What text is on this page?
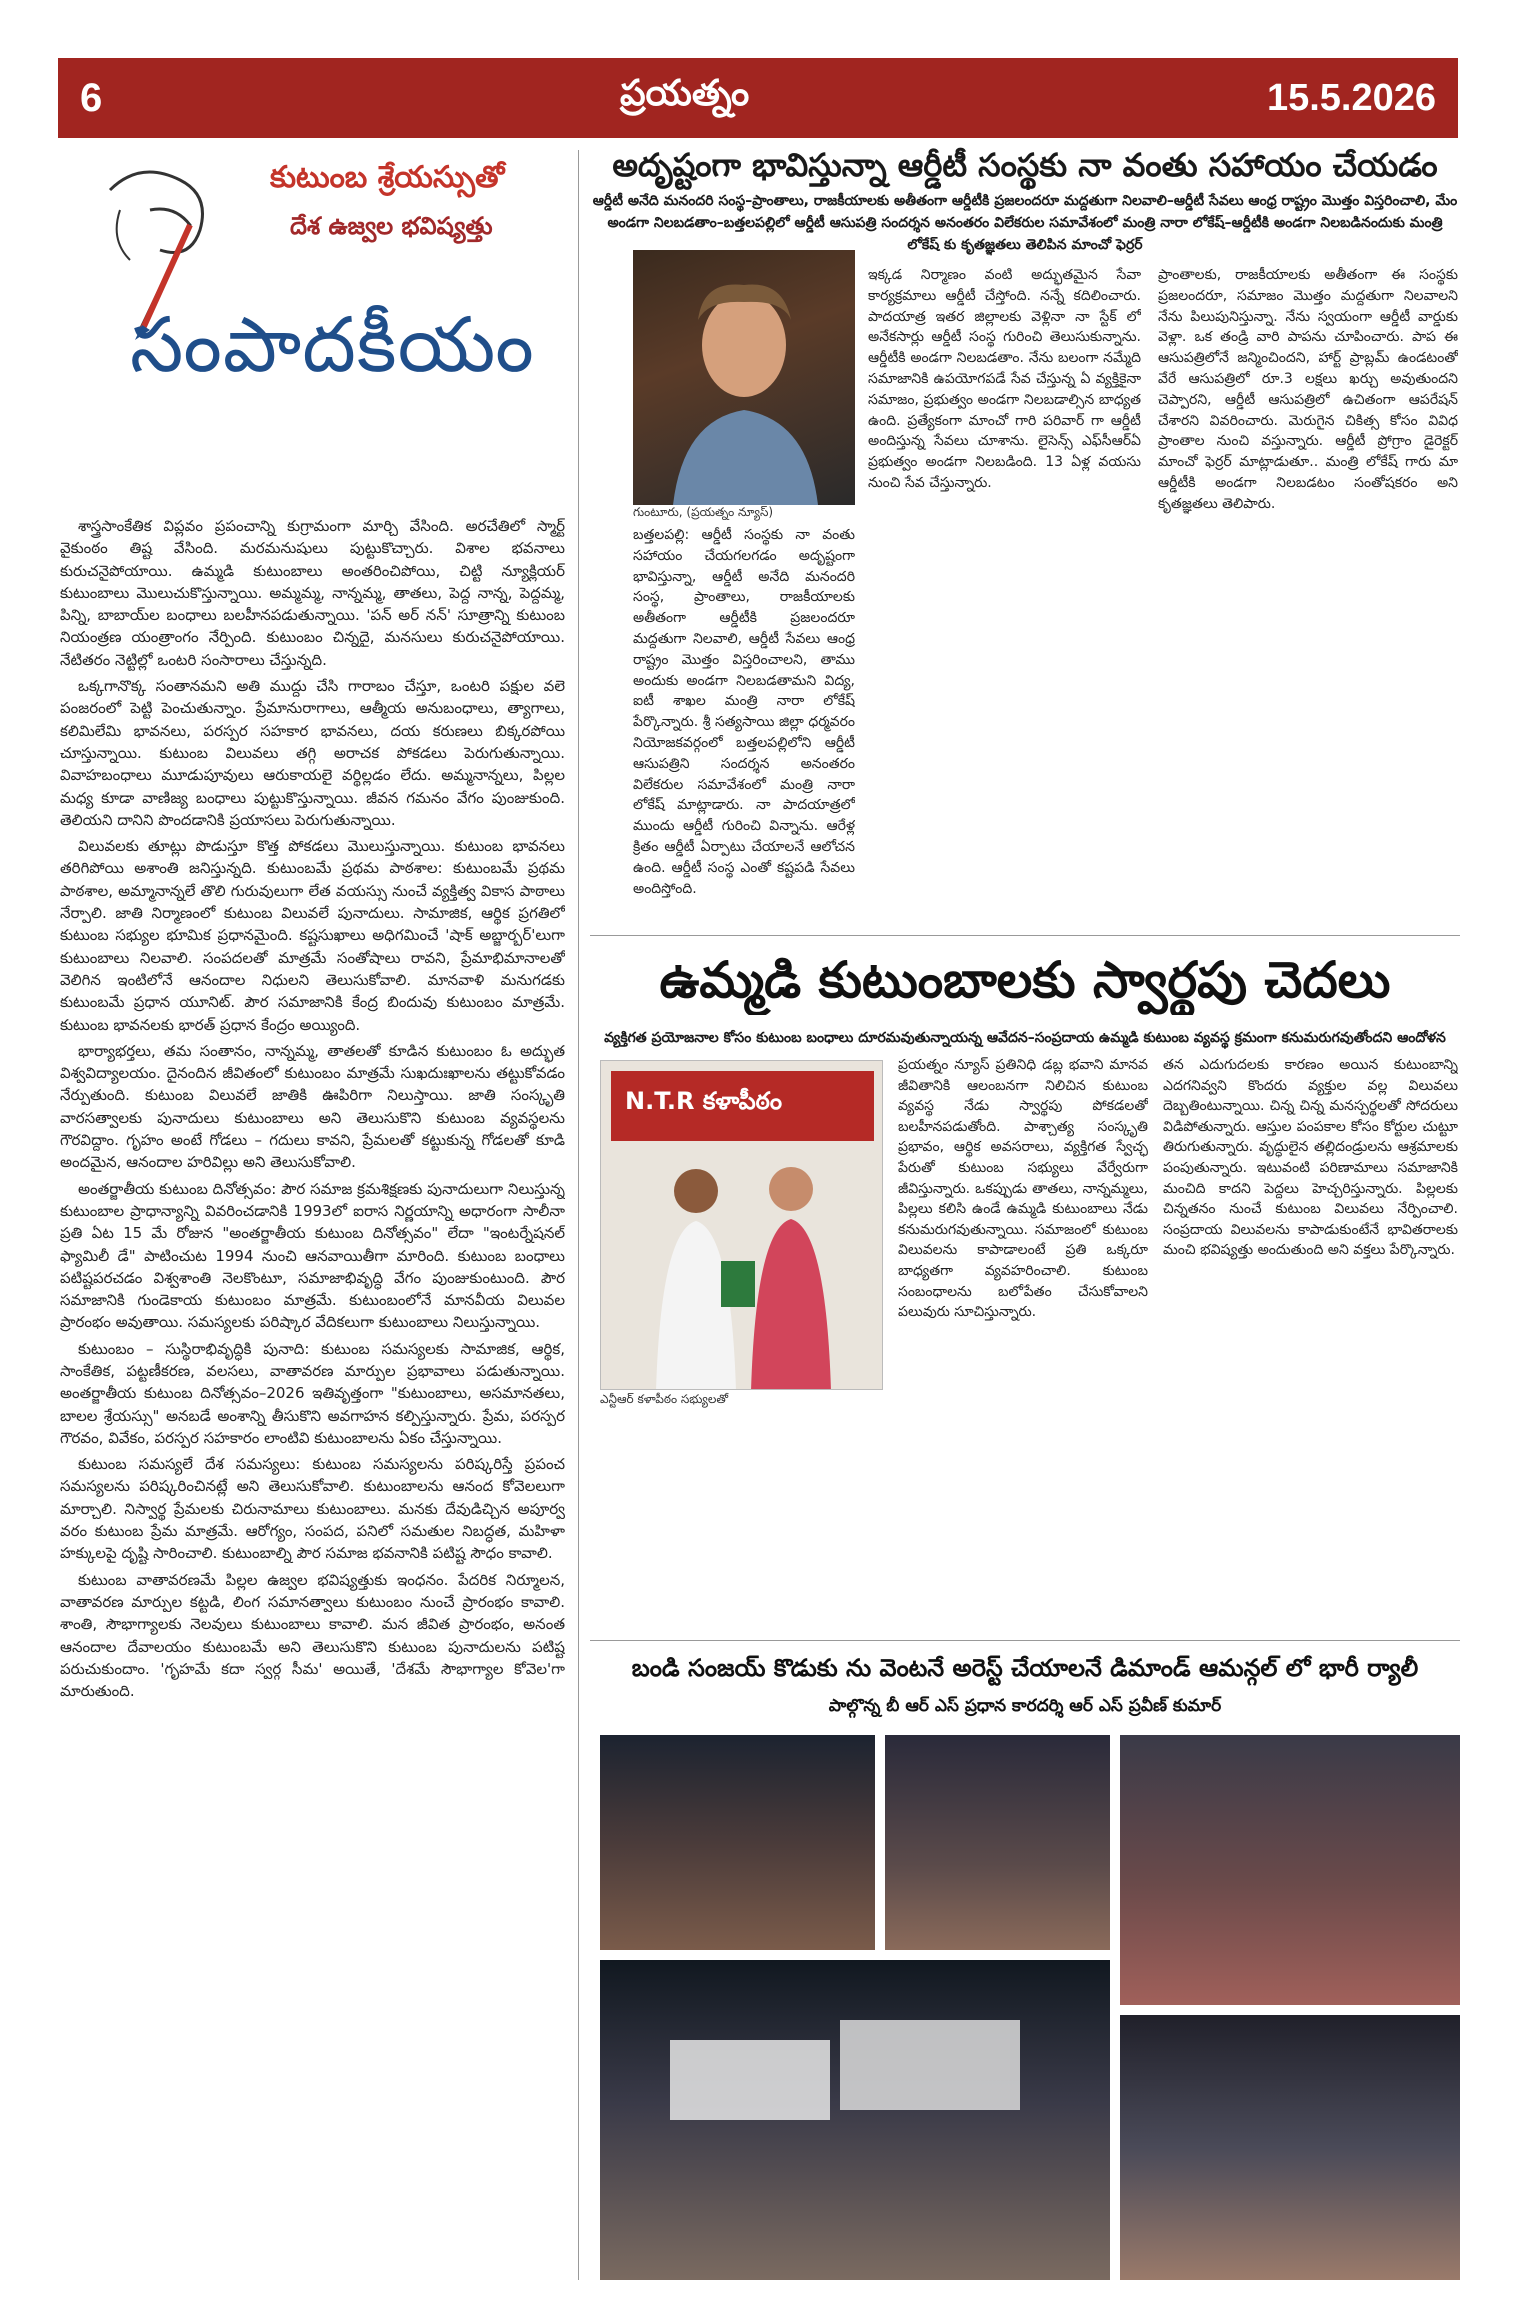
6	ప్రయత్నం	15.5.2026
కుటుంబ శ్రేయస్సుతో
దేశ ఉజ్వల భవిష్యత్తు
సంపాదకీయం

శాస్త్రసాంకేతిక విప్లవం ప్రపంచాన్ని కుగ్రామంగా మార్చి వేసింది. అరచేతిలో స్మార్ట్ వైకుంఠం తిష్ట వేసింది. మరమనుషులు పుట్టుకొచ్చారు. విశాల భవనాలు కురుచనైపోయాయి. ఉమ్మడి కుటుంబాలు అంతరించిపోయి, చిట్టి న్యూక్లియర్ కుటుంబాలు మొలుచుకొస్తున్నాయి. అమ్మమ్మ, నాన్నమ్మ, తాతలు, పెద్ద నాన్న, పెద్దమ్మ, పిన్ని, బాబాయ్‌ల బంధాలు బలహీనపడుతున్నాయి. 'పన్ అర్ నన్' సూత్రాన్ని కుటుంబ నియంత్రణ యంత్రాంగం నేర్పింది. కుటుంబం చిన్నదై, మనసులు కురుచనైపోయాయి. నేటితరం నెట్టిల్లో ఒంటరి సంసారాలు చేస్తున్నది.

ఒక్కగానొక్క సంతానమని అతి ముద్దు చేసి గారాబం చేస్తూ, ఒంటరి పక్షుల వలె పంజరంలో పెట్టి పెంచుతున్నాం. ప్రేమానురాగాలు, ఆత్మీయ అనుబంధాలు, త్యాగాలు, కలిమిలేమి భావనలు, పరస్పర సహకార భావనలు, దయ కరుణలు బిక్కరపోయి చూస్తున్నాయి. కుటుంబ విలువలు తగ్గి అరాచక పోకడలు పెరుగుతున్నాయి. వివాహబంధాలు మూడుపూవులు ఆరుకాయలై వర్థిల్లడం లేదు. అమ్మనాన్నలు, పిల్లల మధ్య కూడా వాణిజ్య బంధాలు పుట్టుకొస్తున్నాయి. జీవన గమనం వేగం పుంజుకుంది. తెలియని దానిని పొందడానికి ప్రయాసలు పెరుగుతున్నాయి.

విలువలకు తూట్లు పొడుస్తూ కొత్త పోకడలు మొలుస్తున్నాయి. కుటుంబ భావనలు తరిగిపోయి అశాంతి జనిస్తున్నది. కుటుంబమే ప్రథమ పాఠశాల: కుటుంబమే ప్రథమ పాఠశాల, అమ్మానాన్నలే తొలి గురువులుగా లేత వయస్సు నుంచే వ్యక్తిత్వ వికాస పాఠాలు నేర్పాలి. జాతి నిర్మాణంలో కుటుంబ విలువలే పునాదులు. సామాజిక, ఆర్థిక ప్రగతిలో కుటుంబ సభ్యుల భూమిక ప్రధానమైంది. కష్టసుఖాలు అధిగమించే 'షాక్ అబ్జార్బర్'లుగా కుటుంబాలు నిలవాలి. సంపదలతో మాత్రమే సంతోషాలు రావని, ప్రేమాభిమానాలతో వెలిగిన ఇంటిలోనే ఆనందాల నిధులని తెలుసుకోవాలి. మానవాళి మనుగడకు కుటుంబమే ప్రధాన యూనిట్. పౌర సమాజానికి కేంద్ర బిందువు కుటుంబం మాత్రమే. కుటుంబ భావనలకు భారత్ ప్రధాన కేంద్రం అయ్యింది.

భార్యాభర్తలు, తమ సంతానం, నాన్నమ్మ, తాతలతో కూడిన కుటుంబం ఓ అద్భుత విశ్వవిద్యాలయం. దైనందిన జీవితంలో కుటుంబం మాత్రమే సుఖదుఃఖాలను తట్టుకోవడం నేర్పుతుంది. కుటుంబ విలువలే జాతికి ఊపిరిగా నిలుస్తాయి. జాతి సంస్కృతి వారసత్వాలకు పునాదులు కుటుంబాలు అని తెలుసుకొని కుటుంబ వ్యవస్థలను గౌరవిద్దాం. గృహం అంటే గోడలు – గదులు కావని, ప్రేమలతో కట్టుకున్న గోడలతో కూడి అందమైన, ఆనందాల హరివిల్లు అని తెలుసుకోవాలి.

అంతర్జాతీయ కుటుంబ దినోత్సవం: పౌర సమాజ క్రమశిక్షణకు పునాదులుగా నిలుస్తున్న కుటుంబాల ప్రాధాన్యాన్ని వివరించడానికి 1993లో ఐరాస నిర్ణయాన్ని అధారంగా సాలీనా ప్రతి ఏట 15 మే రోజున "అంతర్జాతీయ కుటుంబ దినోత్సవం" లేదా "ఇంటర్నేషనల్ ఫ్యామిలీ డే" పాటించుట 1994 నుంచి ఆనవాయితీగా మారింది. కుటుంబ బంధాలు పటిష్టపరచడం విశ్వశాంతి నెలకొంటూ, సమాజాభివృద్ధి వేగం పుంజుకుంటుంది. పౌర సమాజానికి గుండెకాయ కుటుంబం మాత్రమే. కుటుంబంలోనే మానవీయ విలువల ప్రారంభం అవుతాయి. సమస్యలకు పరిష్కార వేదికలుగా కుటుంబాలు నిలుస్తున్నాయి.

కుటుంబం – సుస్థిరాభివృద్ధికి పునాది: కుటుంబ సమస్యలకు సామాజిక, ఆర్థిక, సాంకేతిక, పట్టణీకరణ, వలసలు, వాతావరణ మార్పుల ప్రభావాలు పడుతున్నాయి. అంతర్జాతీయ కుటుంబ దినోత్సవం–2026 ఇతివృత్తంగా "కుటుంబాలు, అసమానతలు, బాలల శ్రేయస్సు" అనబడే అంశాన్ని తీసుకొని అవగాహన కల్పిస్తున్నారు. ప్రేమ, పరస్పర గౌరవం, వివేకం, పరస్పర సహకారం లాంటివి కుటుంబాలను ఏకం చేస్తున్నాయి.

కుటుంబ సమస్యలే దేశ సమస్యలు: కుటుంబ సమస్యలను పరిష్కరిస్తే ప్రపంచ సమస్యలను పరిష్కరించినట్లే అని తెలుసుకోవాలి. కుటుంబాలను ఆనంద కోవెలలుగా మార్చాలి. నిస్వార్థ ప్రేమలకు చిరునామాలు కుటుంబాలు. మనకు దేవుడిచ్చిన అపూర్వ వరం కుటుంబ ప్రేమ మాత్రమే. ఆరోగ్యం, సంపద, పనిలో సమతుల నిబద్ధత, మహిళా హక్కులపై దృష్టి సారించాలి. కుటుంబాల్ని పౌర సమాజ భవనానికి పటిష్ట సౌధం కావాలి.

కుటుంబ వాతావరణమే పిల్లల ఉజ్వల భవిష్యత్తుకు ఇంధనం. పేదరిక నిర్మూలన, వాతావరణ మార్పుల కట్టడి, లింగ సమానత్వాలు కుటుంబం నుంచే ప్రారంభం కావాలి. శాంతి, సౌభాగ్యాలకు నెలవులు కుటుంబాలు కావాలి. మన జీవిత ప్రారంభం, అనంత ఆనందాల దేవాలయం కుటుంబమే అని తెలుసుకొని కుటుంబ పునాదులను పటిష్ట పరుచుకుందాం. 'గృహమే కదా స్వర్గ సీమ' అయితే, 'దేశమే సౌభాగ్యాల కోవెల'గా మారుతుంది.

అదృష్టంగా భావిస్తున్నా ఆర్డీటీ సంస్థకు నా వంతు సహాయం చేయడం
ఆర్డీటీ అనేది మనందరి సంస్థ–ప్రాంతాలు, రాజకీయాలకు అతీతంగా ఆర్డీటీకి ప్రజలందరూ మద్దతుగా నిలవాలి–ఆర్డీటీ సేవలు ఆంధ్ర రాష్ట్రం మొత్తం విస్తరించాలి, మేం అండగా నిలబడతాం–బత్తలపల్లిలో ఆర్డీటీ ఆసుపత్రి సందర్శన అనంతరం విలేకరుల సమావేశంలో మంత్రి నారా లోకేష్–ఆర్డీటీకి అండగా నిలబడినందుకు మంత్రి లోకేష్ కు కృతజ్ఞతలు తెలిపిన మాంచో ఫెర్రర్
గుంటూరు, (ప్రయత్నం న్యూస్)
బత్తలపల్లి: ఆర్డీటీ సంస్థకు నా వంతు సహాయం చేయగలగడం అదృష్టంగా భావిస్తున్నా, ఆర్డీటీ అనేది మనందరి సంస్థ, ప్రాంతాలు, రాజకీయాలకు అతీతంగా ఆర్డీటీకి ప్రజలందరూ మద్దతుగా నిలవాలి, ఆర్డీటీ సేవలు ఆంధ్ర రాష్ట్రం మొత్తం విస్తరించాలని, తాము అందుకు అండగా నిలబడతామని విద్య, ఐటీ శాఖల మంత్రి నారా లోకేష్ పేర్కొన్నారు. శ్రీ సత్యసాయి జిల్లా ధర్మవరం నియోజకవర్గంలో బత్తలపల్లిలోని ఆర్డీటీ ఆసుపత్రిని సందర్శన అనంతరం విలేకరుల సమావేశంలో మంత్రి నారా లోకేష్ మాట్లాడారు. నా పాదయాత్రలో ముందు ఆర్డీటీ గురించి విన్నాను. ఆరేళ్ల క్రితం ఆర్డీటీ ఏర్పాటు చేయాలనే ఆలోచన ఉంది. ఆర్డీటీ సంస్థ ఎంతో కష్టపడి సేవలు అందిస్తోంది.
ఇక్కడ నిర్మాణం వంటి అద్భుతమైన సేవా కార్యక్రమాలు ఆర్డీటీ చేస్తోంది. నన్నే కదిలించారు. పాదయాత్ర ఇతర జిల్లాలకు వెళ్లినా నా స్టేక్ లో అనేకసార్లు ఆర్డీటీ సంస్థ గురించి తెలుసుకున్నాను. ఆర్డీటీకి అండగా నిలబడతాం. నేను బలంగా నమ్మేది సమాజానికి ఉపయోగపడే సేవ చేస్తున్న ఏ వ్యక్తికైనా సమాజం, ప్రభుత్వం అండగా నిలబడాల్సిన బాధ్యత ఉంది. ప్రత్యేకంగా మాంచో గారి పరివార్ గా ఆర్డీటీ అందిస్తున్న సేవలు చూశాను. లైసెన్స్ ఎఫ్‌సీఆర్ఏ ప్రభుత్వం అండగా నిలబడింది. 13 ఏళ్ల వయసు నుంచి సేవ చేస్తున్నారు.
ప్రాంతాలకు, రాజకీయాలకు అతీతంగా ఈ సంస్థకు ప్రజలందరూ, సమాజం మొత్తం మద్దతుగా నిలవాలని నేను పిలుపునిస్తున్నా. నేను స్వయంగా ఆర్డీటీ వార్డుకు వెళ్లా. ఒక తండ్రి వారి పాపను చూపించారు. పాప ఈ ఆసుపత్రిలోనే జన్మించిందని, హార్ట్ ప్రాబ్లమ్ ఉండటంతో వేరే ఆసుపత్రిలో రూ.3 లక్షలు ఖర్చు అవుతుందని చెప్పారని, ఆర్డీటీ ఆసుపత్రిలో ఉచితంగా ఆపరేషన్ చేశారని వివరించారు. మెరుగైన చికిత్స కోసం వివిధ ప్రాంతాల నుంచి వస్తున్నారు. ఆర్డీటీ ప్రోగ్రాం డైరెక్టర్ మాంచో ఫెర్రర్ మాట్లాడుతూ.. మంత్రి లోకేష్ గారు మా ఆర్డీటీకి అండగా నిలబడటం సంతోషకరం అని కృతజ్ఞతలు తెలిపారు.
ఉమ్మడి కుటుంబాలకు స్వార్థపు చెదలు
వ్యక్తిగత ప్రయోజనాల కోసం కుటుంబ బంధాలు దూరమవుతున్నాయన్న ఆవేదన–సంప్రదాయ ఉమ్మడి కుటుంబ వ్యవస్థ క్రమంగా కనుమరుగవుతోందని ఆందోళన
ప్రయత్నం న్యూస్ ప్రతినిధి డబ్ల భవాని మానవ జీవితానికి ఆలంబనగా నిలిచిన కుటుంబ వ్యవస్థ నేడు స్వార్థపు పోకడలతో బలహీనపడుతోంది. పాశ్చాత్య సంస్కృతి ప్రభావం, ఆర్థిక అవసరాలు, వ్యక్తిగత స్వేచ్ఛ పేరుతో కుటుంబ సభ్యులు వేర్వేరుగా జీవిస్తున్నారు. ఒకప్పుడు తాతలు, నాన్నమ్మలు, పిల్లలు కలిసి ఉండే ఉమ్మడి కుటుంబాలు నేడు కనుమరుగవుతున్నాయి. సమాజంలో కుటుంబ విలువలను కాపాడాలంటే ప్రతి ఒక్కరూ బాధ్యతగా వ్యవహరించాలి. కుటుంబ సంబంధాలను బలోపేతం చేసుకోవాలని పలువురు సూచిస్తున్నారు.
తన ఎదుగుదలకు కారణం అయిన కుటుంబాన్ని ఎదగనివ్వని కొందరు వ్యక్తుల వల్ల విలువలు దెబ్బతింటున్నాయి. చిన్న చిన్న మనస్పర్థలతో సోదరులు విడిపోతున్నారు. ఆస్తుల పంపకాల కోసం కోర్టుల చుట్టూ తిరుగుతున్నారు. వృద్ధులైన తల్లిదండ్రులను ఆశ్రమాలకు పంపుతున్నారు. ఇటువంటి పరిణామాలు సమాజానికి మంచిది కాదని పెద్దలు హెచ్చరిస్తున్నారు. పిల్లలకు చిన్నతనం నుంచే కుటుంబ విలువలు నేర్పించాలి. సంప్రదాయ విలువలను కాపాడుకుంటేనే భావితరాలకు మంచి భవిష్యత్తు అందుతుంది అని వక్తలు పేర్కొన్నారు.
N.T.R కళాపీఠం
ఎన్టీఆర్ కళాపీఠం సభ్యులతో
బండి సంజయ్ కొడుకు ను వెంటనే అరెస్ట్ చేయాలనే డిమాండ్ ఆమన్గల్ లో భారీ ర్యాలీ
పాల్గొన్న బీ ఆర్ ఎస్ ప్రధాన కారదర్శి ఆర్ ఎస్ ప్రవీణ్ కుమార్
